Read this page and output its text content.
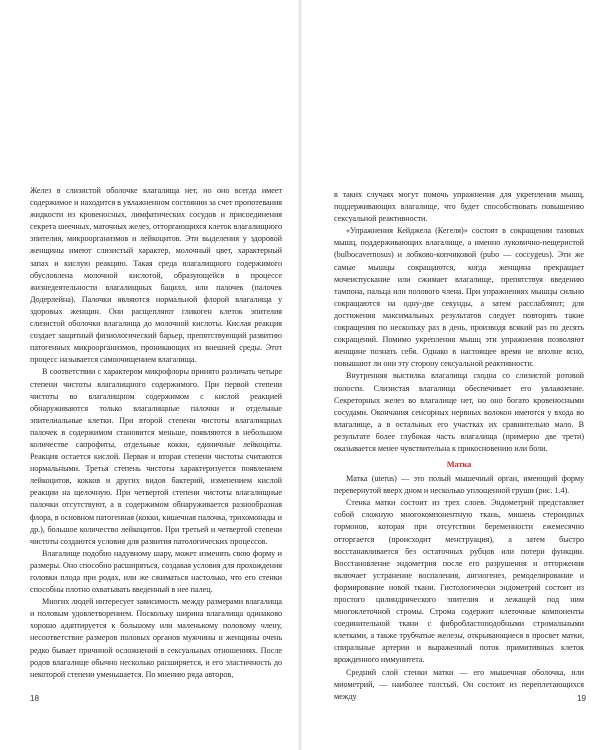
Желез в слизистой оболочке влагалища нет, но оно всегда имеет содержимое и находится в увлажненном состоянии за счет пропотевания жидкости из кровеносных, лимфатических сосудов и присоединения секрета шеечных, маточных желез, отторгающихся клеток влагалищного эпителия, микроорганизмов и лейкоцитов. Эти выделения у здоровой женщины имеют слизистый характер, молочный цвет, характерный запах и кислую реакцию. Такая среда влагалищного содержимого обусловлена молочной кислотой, образующейся в процессе жизнедеятельности влагалищных бацилл, или палочек (палочек Додерлейна). Палочки являются нормальной флорой влагалища у здоровых женщин. Они расщепляют гликоген клеток эпителия слизистой оболочки влагалища до молочной кислоты. Кислая реакция создает защитный физиологический барьер, препятствующий развитию патогенных микроорганизмов, проникающих из внешней среды. Этот процесс называется самоочищением влагалища.

В соответствии с характером микрофлоры принято различать четыре степени чистоты влагалищного содержимого. При первой степени чистоты во влагалищном содержимом с кислой реакцией обнаруживаются только влагалищные палочки и отдельные эпителиальные клетки. При второй степени чистоты влагалищных палочек в содержимом становится меньше, появляются в небольшом количестве сапрофиты, отдельные кокки, единичные лейкоциты. Реакция остается кислой. Первая и вторая степени чистоты считаются нормальными. Третья степень чистоты характеризуется появлением лейкоцитов, кокков и других видов бактерий, изменением кислой реакции на щелочную. При четвертой степени чистоты влагалищные палочки отсутствуют, а в содержимом обнаруживается разнообразная флора, в основном патогенная (кокки, кишечная палочка, трихомонады и др.), большое количество лейкоцитов. При третьей и четвертой степени чистоты создаются условия для развития патологических процессов.

Влагалище подобно надувному шару, может изменять свою форму и размеры. Оно способно расширяться, создавая условия для прохождения головки плода при родах, или же сжиматься настолько, что его стенки способны плотно охватывать введенный в нее палец.

Многих людей интересует зависимость между размерами влагалища и половым удовлетворением. Поскольку ширина влагалища одинаково хорошо адаптируется к большому или маленькому половому члену, несоответствие размеров половых органов мужчины и женщины очень редко бывает причиной осложнений в сексуальных отношениях. После родов влагалище обычно несколько расширяется, и его эластичность до некоторой степени уменьшается. По мнению ряда авторов,

18

в таких случаях могут помочь упражнения для укрепления мышц, поддерживающих влагалище, что будет способствовать повышению сексуальной реактивности.

«Упражнения Кейджела (Кегеля)» состоят в сокращении тазовых мышц, поддерживающих влагалище, а именно луковично-пещеристой (bulbocavernosus) и лобково-копчиковой (pubo — coccygeus). Эти же самые мышцы сокращаются, когда женщина прекращает мочеиспускание или сжимает влагалище, препятствуя введению тампона, пальца или полового члена. При упражнениях мышцы сильно сокращаются на одну-две секунды, а затем расслабляют; для достижения максимальных результатов следует повторять такие сокращения по нескольку раз в день, производя всякий раз по десять сокращений. Помимо укрепления мышц эти упражнения позволяют женщине познать себя. Однако в настоящее время не вполне ясно, повышают ли они эту сторону сексуальной реактивности.

Внутренняя выстилка влагалища сходна со слизистой ротовой полости. Слизистая влагалища обеспечивает его увлажнение. Секреторных желез во влагалище нет, но оно богато кровеносными сосудами. Окончания сенсорных нервных волокон имеются у входа во влагалище, а в остальных его участках их сравнительно мало. В результате более глубокая часть влагалища (примерно две трети) оказывается менее чувствительна к прикосновению или боли.

Матка

Матка (uterus) — это полый мышечный орган, имеющий форму перевернутой вверх дном и несколько уплощенной груши (рис. 1.4).

Стенка матки состоит из трех слоев. Эндометрий представляет собой сложную многокомпонентную ткань, мишень стероидных гормонов, которая при отсутствии беременности ежемесячно отторгается (происходит менструация), а затем быстро восстанавливается без остаточных рубцов или потери функции. Восстановление эндометрия после его разрушения и отторжения включает устранение воспаления, ангиогенез, ремоделирование и формирование новой ткани. Гистологически эндометрий состоит из простого цилиндрического эпителия и лежащей под ним многоклеточной стромы. Строма содержит клеточные компоненты соединительной ткани с фибробластоподобными стромальными клетками, а также трубчатые железы, открывающиеся в просвет матки, спиральные артерии и выраженный поток примитивных клеток врожденного иммунитета.

Средний слой стенки матки — его мышечная оболочка, или миометрий, — наиболее толстый. Он состоит из переплетающихся между	19
